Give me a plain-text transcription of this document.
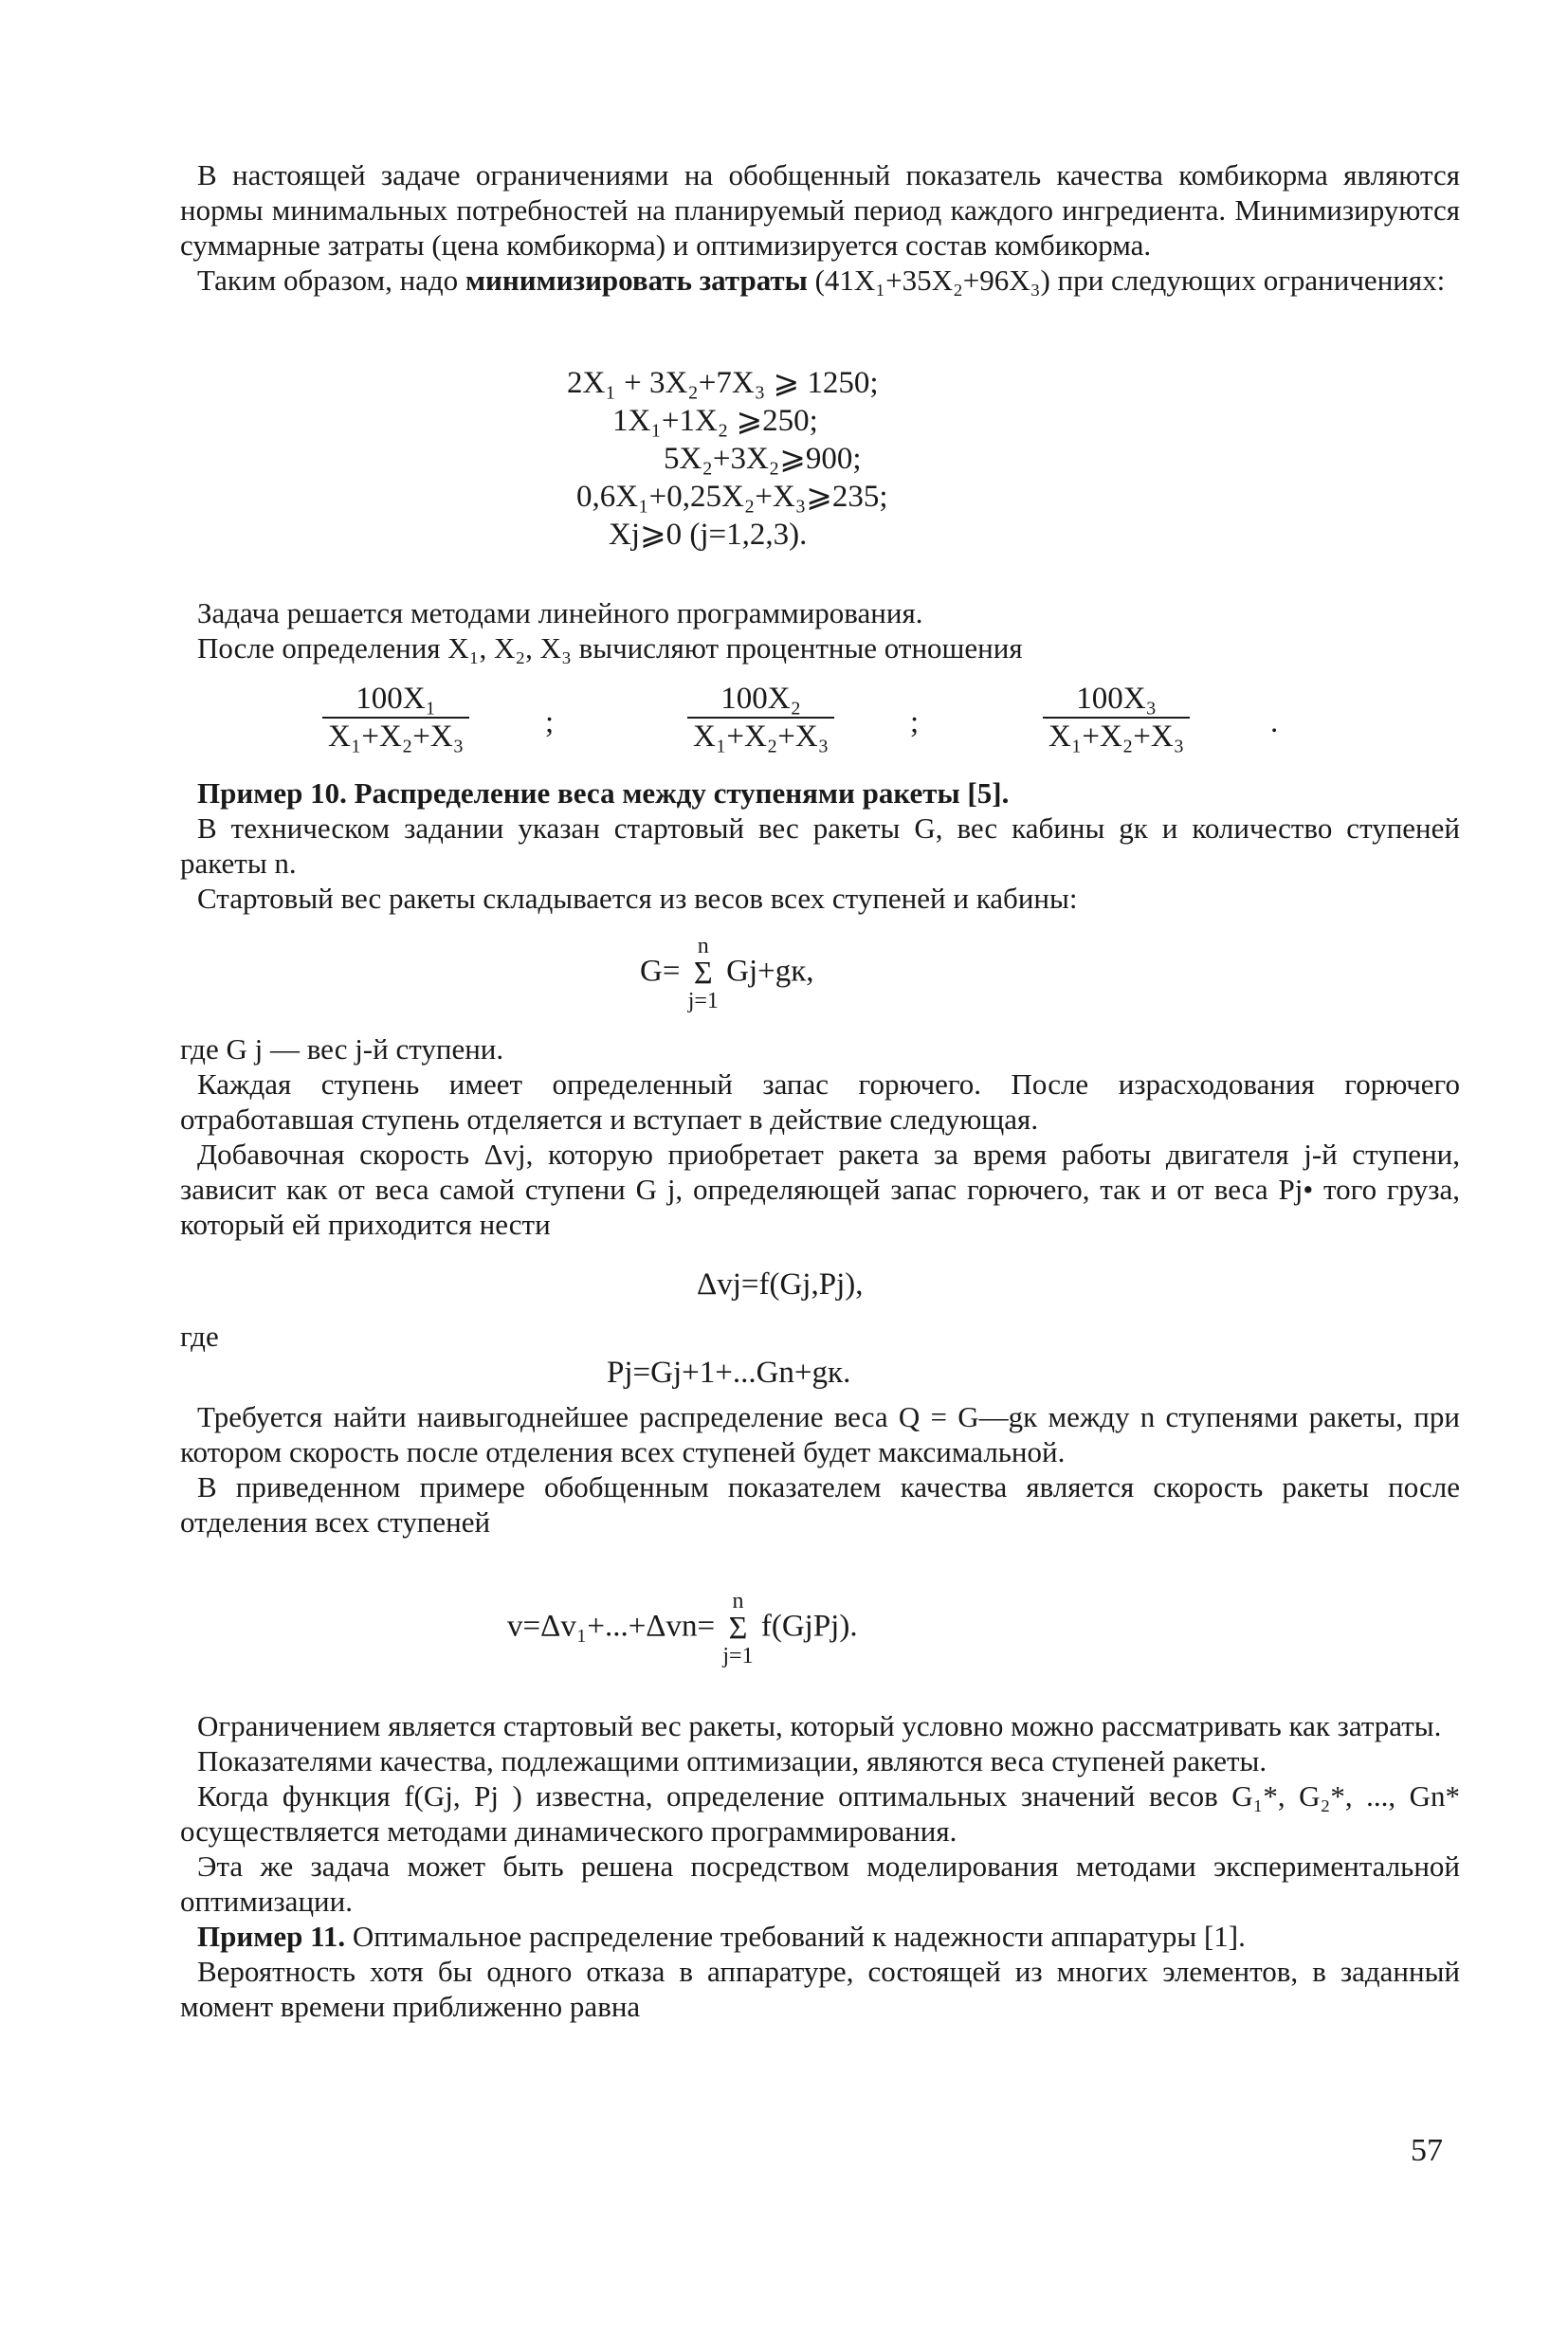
В настоящей задаче ограничениями на обобщенный показатель качества комбикорма являются нормы минимальных потребностей на планируемый период каждого ингредиента. Минимизируются суммарные затраты (цена комбикорма) и оптимизируется состав комбикорма.

Таким образом, надо минимизировать затраты (41X₁+35X₂+96X₃) при следующих ограничениях:

2X₁ + 3X₂+7X₃ ⩾ 1250;
1X₁+1X₂ ⩾250;
5X₂+3X₂⩾900;
0,6X₁+0,25X₂+X₃⩾235;
Xj⩾0 (j=1,2,3).

Задача решается методами линейного программирования.

После определения X₁, X₂, X₃ вычисляют процентные отношения

$\frac{\text{100X₁}}{\text{X₁+X₂+X₃}}$ ;	$\frac{\text{100X₂}}{\text{X₁+X₂+X₃}}$ ;	$\frac{\text{100X₃}}{\text{X₁+X₂+X₃}}$	.

Пример 10. Распределение веса между ступенями ракеты [5].

В техническом задании указан стартовый вес ракеты G, вес кабины gк и количество ступеней ракеты n.

Стартовый вес ракеты складывается из весов всех ступеней и кабины:

G=
n
Σ
j=1
Gj+gк,

где G j — вес j-й ступени.

Каждая ступень имеет определенный запас горючего. После израсходования горючего отработавшая ступень отделяется и вступает в действие следующая.

Добавочная скорость Δvj, которую приобретает ракета за время работы двигателя j-й ступени, зависит как от веса самой ступени G j, определяющей запас горючего, так и от веса Pj• того груза, который ей приходится нести

Δvj=f(Gj,Pj),
где
Pj=Gj+1+...Gn+gк.

Требуется найти наивыгоднейшее распределение веса Q = G—gк между n ступенями ракеты, при котором скорость после отделения всех ступеней будет максимальной.

В приведенном примере обобщенным показателем качества является скорость ракеты после отделения всех ступеней

v=Δv₁+...+Δvn=
n
Σ
j=1
f(GjPj).

Ограничением является стартовый вес ракеты, который условно можно рассматривать как затраты.

Показателями качества, подлежащими оптимизации, являются веса ступеней ракеты.

Когда функция f(Gj, Pj ) известна, определение оптимальных значений весов G₁*, G₂*, ..., Gn* осуществляется методами динамического программирования.

Эта же задача может быть решена посредством моделирования методами экспериментальной оптимизации.

Пример 11. Оптимальное распределение требований к надежности аппаратуры [1].

Вероятность хотя бы одного отказа в аппаратуре, состоящей из многих элементов, в заданный момент времени приближенно равна

57
